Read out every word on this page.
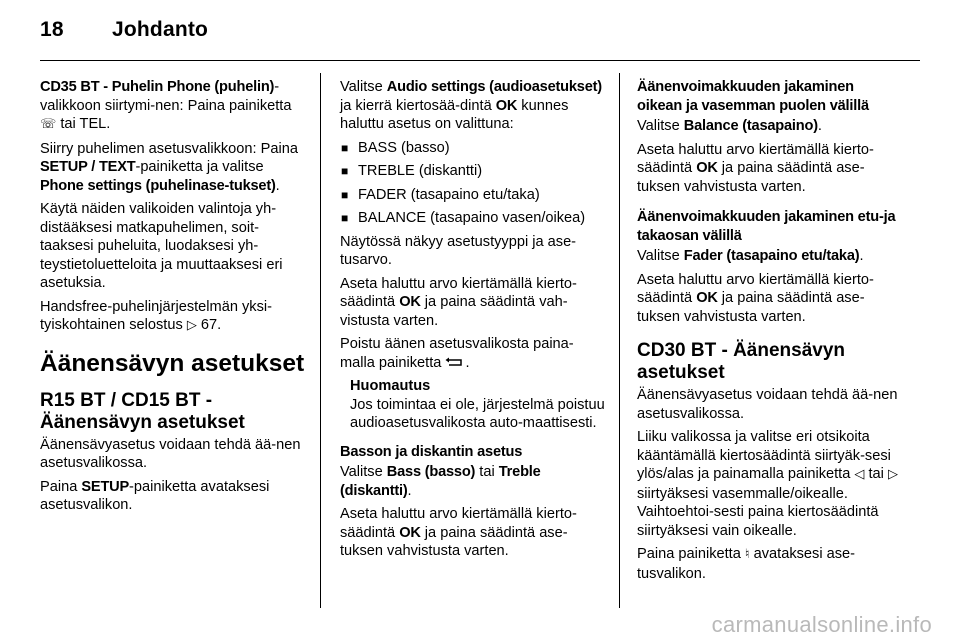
18 Johdanto

CD35 BT - Puhelin Phone (puhelin)-valikkoon siirtymi-nen: Paina painiketta ☏ tai TEL.

Siirry puhelimen asetusvalikkoon: Paina SETUP / TEXT-painiketta ja valitse Phone settings (puhelinase-tukset).

Käytä näiden valikoiden valintoja yh-distääksesi matkapuhelimen, soit-taaksesi puheluita, luodaksesi yh-teystietoluetteloita ja muuttaaksesi eri asetuksia.

Handsfree-puhelinjärjestelmän yksi-tyiskohtainen selostus ▷ 67.

Äänensävyn asetukset
R15 BT / CD15 BT - Äänensävyn asetukset

Äänensävyasetus voidaan tehdä ää-nen asetusvalikossa.

Paina SETUP-painiketta avataksesi asetusvalikon.

Valitse Audio settings (audioasetukset) ja kierrä kiertosää-dintä OK kunnes haluttu asetus on valittuna:

■ BASS (basso)
■ TREBLE (diskantti)
■ FADER (tasapaino etu/taka)
■ BALANCE (tasapaino vasen/oikea)

Näytössä näkyy asetustyyppi ja ase-tusarvo.

Aseta haluttu arvo kiertämällä kierto-säädintä OK ja paina säädintä vah-vistusta varten.

Poistu äänen asetusvalikosta paina-malla painiketta .

Huomautus
Jos toimintaa ei ole, järjestelmä poistuu audioasetusvalikosta auto-maattisesti.
Basson ja diskantin asetus

Valitse Bass (basso) tai Treble (diskantti).

Aseta haluttu arvo kiertämällä kierto-säädintä OK ja paina säädintä ase-tuksen vahvistusta varten.

Äänenvoimakkuuden jakaminen oikean ja vasemman puolen välillä

Valitse Balance (tasapaino).

Aseta haluttu arvo kiertämällä kierto-säädintä OK ja paina säädintä ase-tuksen vahvistusta varten.

Äänenvoimakkuuden jakaminen etu-ja takaosan välillä

Valitse Fader (tasapaino etu/taka).

Aseta haluttu arvo kiertämällä kierto-säädintä OK ja paina säädintä ase-tuksen vahvistusta varten.

CD30 BT - Äänensävyn asetukset

Äänensävyasetus voidaan tehdä ää-nen asetusvalikossa.

Liiku valikossa ja valitse eri otsikoita kääntämällä kiertosäädintä siirtyäk-sesi ylös/alas ja painamalla painiketta ◁ tai ▷ siirtyäksesi vasemmalle/oikealle. Vaihtoehtoi-sesti paina kiertosäädintä siirtyäksesi vain oikealle.

Paina painiketta ♮ avataksesi ase-tusvalikon.

carmanualsonline.info
